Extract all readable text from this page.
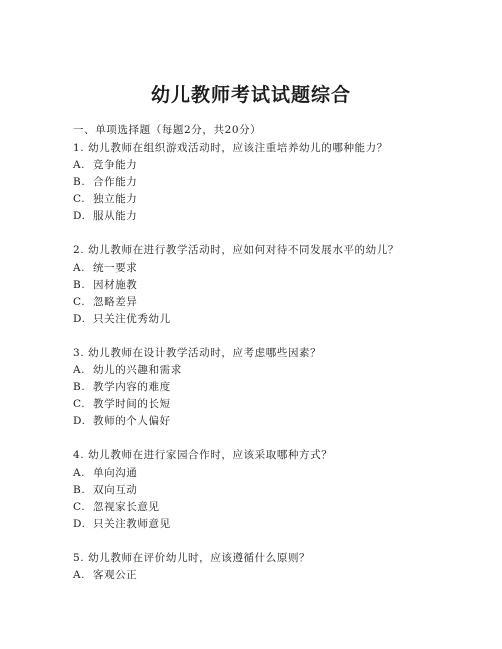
幼儿教师考试试题综合
一、单项选择题（每题2分，共20分）
1. 幼儿教师在组织游戏活动时，应该注重培养幼儿的哪种能力？
A. 竞争能力
B. 合作能力
C. 独立能力
D. 服从能力
2. 幼儿教师在进行教学活动时，应如何对待不同发展水平的幼儿？
A. 统一要求
B. 因材施教
C. 忽略差异
D. 只关注优秀幼儿
3. 幼儿教师在设计教学活动时，应考虑哪些因素？
A. 幼儿的兴趣和需求
B. 教学内容的难度
C. 教学时间的长短
D. 教师的个人偏好
4. 幼儿教师在进行家园合作时，应该采取哪种方式？
A. 单向沟通
B. 双向互动
C. 忽视家长意见
D. 只关注教师意见
5. 幼儿教师在评价幼儿时，应该遵循什么原则？
A. 客观公正
